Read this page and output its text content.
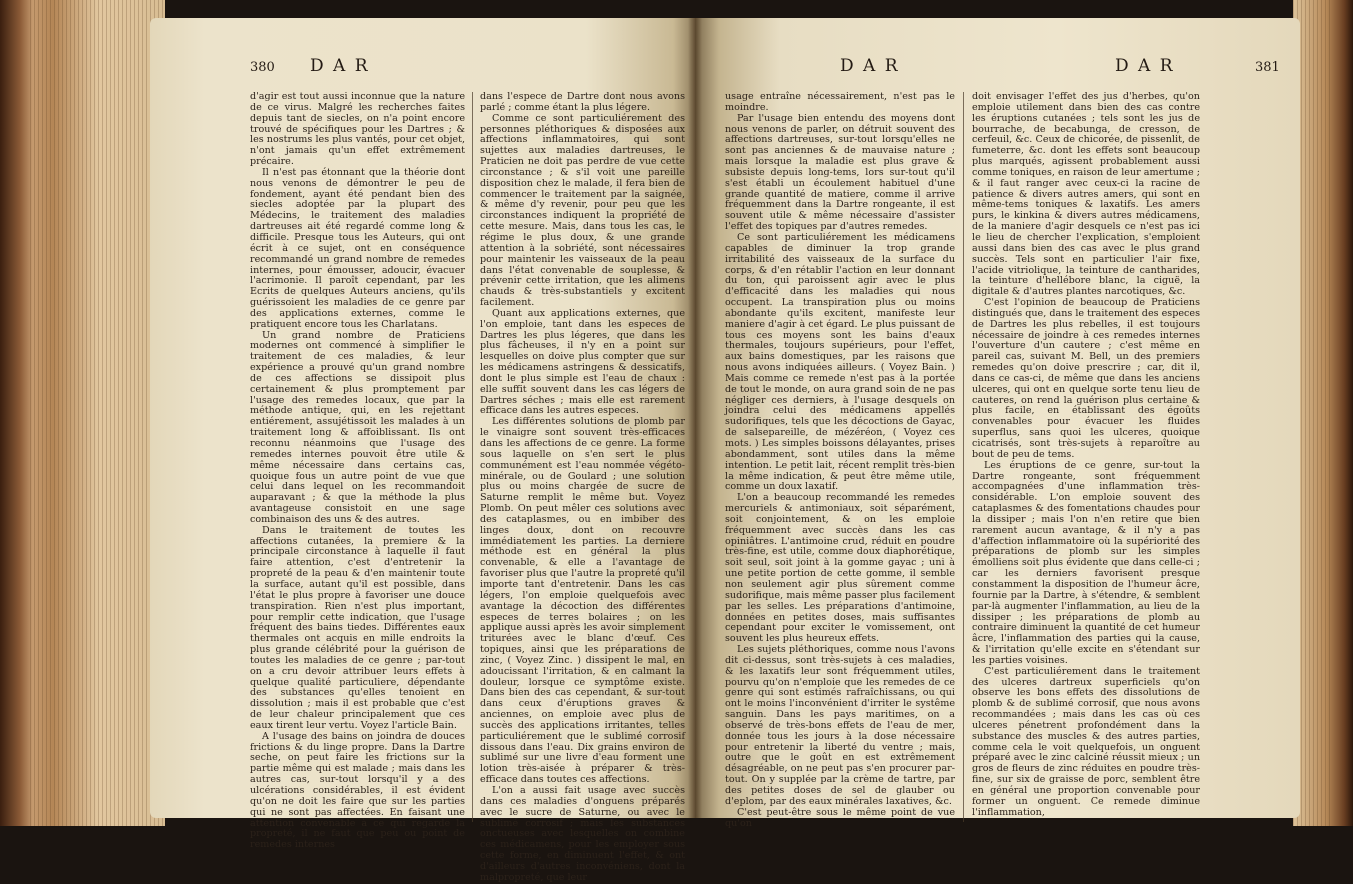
380 D A R

d'agir est tout aussi inconnue que la nature de ce virus. Malgré les recherches faites depuis tant de siecles, on n'a point encore trouvé de spécifiques pour les Dartres ; & les nostrums les plus vantés, pour cet objet, n'ont jamais qu'un effet extrêmement précaire.

Il n'est pas étonnant que la théorie dont nous venons de démontrer le peu de fondement, ayant été pendant bien des siecles adoptée par la plupart des Médecins, le traitement des maladies dartreuses ait été regardé comme long & difficile. Presque tous les Auteurs, qui ont écrit à ce sujet, ont en conséquence recommandé un grand nombre de remedes internes, pour émousser, adoucir, évacuer l'acrimonie. Il paroît cependant, par les Ecrits de quelques Auteurs anciens, qu'ils guérissoient les maladies de ce genre par des applications externes, comme le pratiquent encore tous les Charlatans.

Un grand nombre de Praticiens modernes ont commencé à simplifier le traitement de ces maladies, & leur expérience a prouvé qu'un grand nombre de ces affections se dissipoit plus certainement & plus promptement par l'usage des remedes locaux, que par la méthode antique, qui, en les rejettant entiérement, assujétissoit les malades à un traitement long & affoiblissant. Ils ont reconnu néanmoins que l'usage des remedes internes pouvoit être utile & même nécessaire dans certains cas, quoique fous un autre point de vue que celui dans lequel on les recommandoit auparavant ; & que la méthode la plus avantageuse consistoit en une sage combinaison des uns & des autres.

Dans le traitement de toutes les affections cutanées, la premiere & la principale circonstance à laquelle il faut faire attention, c'est d'entretenir la propreté de la peau & d'en maintenir toute la surface, autant qu'il est possible, dans l'état le plus propre à favoriser une douce transpiration. Rien n'est plus important, pour remplir cette indication, que l'usage fréquent des bains tiedes. Différentes eaux thermales ont acquis en mille endroits la plus grande célébrité pour la guérison de toutes les maladies de ce genre ; par-tout on a cru devoir attribuer leurs effets à quelque qualité particuliere, dépendante des substances qu'elles tenoient en dissolution ; mais il est probable que c'est de leur chaleur principalement que ces eaux tirent leur vertu. Voyez l'article Bain.

A l'usage des bains on joindra de douces frictions & du linge propre. Dans la Dartre seche, on peut faire les frictions sur la partie même qui est malade ; mais dans les autres cas, sur-tout lorsqu'il y a des ulcérations considérables, il est évident qu'on ne doit les faire que sur les parties qui ne sont pas affectées. En faisant une attention convenable à ce qui regarde la propreté, il ne faut que peu ou point de remedes internes

dans l'espece de Dartre dont nous avons parlé ; comme étant la plus légere.

Comme ce sont particuliérement des personnes pléthoriques & disposées aux affections inflammatoires, qui sont sujettes aux maladies dartreuses, le Praticien ne doit pas perdre de vue cette circonstance ; & s'il voit une pareille disposition chez le malade, il fera bien de commencer le traitement par la saignée, & même d'y revenir, pour peu que les circonstances indiquent la propriété de cette mesure. Mais, dans tous les cas, le régime le plus doux, & une grande attention à la sobriété, sont nécessaires pour maintenir les vaisseaux de la peau dans l'état convenable de souplesse, & prévenir cette irritation, que les alimens chauds & très-substantiels y excitent facilement.

Quant aux applications externes, que l'on emploie, tant dans les especes de Dartres les plus légeres, que dans les plus fâcheuses, il n'y en a point sur lesquelles on doive plus compter que sur les médicamens astringens & dessicatifs, dont le plus simple est l'eau de chaux : elle suffit souvent dans les cas légers de Dartres séches ; mais elle est rarement efficace dans les autres especes.

Les différentes solutions de plomb par le vinaigre sont souvent très-efficaces dans les affections de ce genre. La forme sous laquelle on s'en sert le plus communément est l'eau nommée végéto-minérale, ou de Goulard ; une solution plus ou moins chargée de sucre de Saturne remplit le même but. Voyez Plomb. On peut mêler ces solutions avec des cataplasmes, ou en imbiber des linges doux, dont on recouvre immédiatement les parties. La derniere méthode est en général la plus convenable, & elle a l'avantage de favoriser plus que l'autre la propreté qu'il importe tant d'entretenir. Dans les cas légers, l'on emploie quelquefois avec avantage la décoction des différentes especes de terres bolaires ; on les applique aussi après les avoir simplement triturées avec le blanc d'œuf. Ces topiques, ainsi que les préparations de zinc, ( Voyez Zinc. ) dissipent le mal, en adoucissant l'irritation, & en calmant la douleur, lorsque ce symptôme existe. Dans bien des cas cependant, & sur-tout dans ceux d'éruptions graves & anciennes, on emploie avec plus de succès des applications irritantes, telles particuliérement que le sublimé corrosif dissous dans l'eau. Dix grains environ de sublimé sur une livre d'eau forment une lotion très-aisée à préparer & très-efficace dans toutes ces affections.

L'on a aussi fait usage avec succès dans ces maladies d'onguens préparés avec le sucre de Saturne, ou avec le sublimé corrosif ; mais les substances onctueuses avec lesquelles on combine ces médicamens, pour les employer sous cette forme, en diminuent l'effet, & ont d'ailleurs d'autres inconvéniens, dont la malpropreté, que leur

D A R	D A R	381

usage entraîne nécessairement, n'est pas le moindre.

Par l'usage bien entendu des moyens dont nous venons de parler, on détruit souvent des affections dartreuses, sur-tout lorsqu'elles ne sont pas anciennes & de mauvaise nature ; mais lorsque la maladie est plus grave & subsiste depuis long-tems, lors sur-tout qu'il s'est établi un écoulement habituel d'une grande quantité de matiere, comme il arrive fréquemment dans la Dartre rongeante, il est souvent utile & même nécessaire d'assister l'effet des topiques par d'autres remedes.

Ce sont particuliérement les médicamens capables de diminuer la trop grande irritabilité des vaisseaux de la surface du corps, & d'en rétablir l'action en leur donnant du ton, qui paroissent agir avec le plus d'efficacité dans les maladies qui nous occupent. La transpiration plus ou moins abondante qu'ils excitent, manifeste leur maniere d'agir à cet égard. Le plus puissant de tous ces moyens sont les bains d'eaux thermales, toujours supérieurs, pour l'effet, aux bains domestiques, par les raisons que nous avons indiquées ailleurs. ( Voyez Bain. ) Mais comme ce remede n'est pas à la portée de tout le monde, on aura grand soin de ne pas négliger ces derniers, à l'usage desquels on joindra celui des médicamens appellés sudorifiques, tels que les décoctions de Gayac, de salsepareille, de mézéréon, ( Voyez ces mots. ) Les simples boissons délayantes, prises abondamment, sont utiles dans la même intention. Le petit lait, récent remplit très-bien la même indication, & peut être même utile, comme un doux laxatif.

L'on a beaucoup recommandé les remedes mercuriels & antimoniaux, soit séparément, soit conjointement, & on les emploie fréquemment avec succès dans les cas opiniâtres. L'antimoine crud, réduit en poudre très-fine, est utile, comme doux diaphorétique, soit seul, soit joint à la gomme gayac ; uni à une petite portion de cette gomme, il semble non seulement agir plus sûrement comme sudorifique, mais même passer plus facilement par les selles. Les préparations d'antimoine, données en petites doses, mais suffisantes cependant pour exciter le vomissement, ont souvent les plus heureux effets.

Les sujets pléthoriques, comme nous l'avons dit ci-dessus, sont très-sujets à ces maladies, & les laxatifs leur sont fréquemment utiles, pourvu qu'on n'emploie que les remedes de ce genre qui sont estimés rafraîchissans, ou qui ont le moins l'inconvénient d'irriter le systême sanguin. Dans les pays maritimes, on a observé de très-bons effets de l'eau de mer, donnée tous les jours à la dose nécessaire pour entretenir la liberté du ventre ; mais, outre que le goût en est extrêmement désagréable, on ne peut pas s'en procurer par-tout. On y supplée par la crème de tartre, par des petites doses de sel de glauber ou d'eplom, par des eaux minérales laxatives, &c.

C'est peut-être sous le même point de vue qu'on

doit envisager l'effet des jus d'herbes, qu'on emploie utilement dans bien des cas contre les éruptions cutanées ; tels sont les jus de bourrache, de becabunga, de cresson, de cerfeuil, &c. Ceux de chicorée, de pissenlit, de fumeterre, &c. dont les effets sont beaucoup plus marqués, agissent probablement aussi comme toniques, en raison de leur amertume ; & il faut ranger avec ceux-ci la racine de patience & divers autres amers, qui sont en même-tems toniques & laxatifs. Les amers purs, le kinkina & divers autres médicamens, de la maniere d'agir desquels ce n'est pas ici le lieu de chercher l'explication, s'emploient aussi dans bien des cas avec le plus grand succès. Tels sont en particulier l'air fixe, l'acide vitriolique, la teinture de cantharides, la teinture d'hellébore blanc, la ciguë, la digitale & d'autres plantes narcotiques, &c.

C'est l'opinion de beaucoup de Praticiens distingués que, dans le traitement des especes de Dartres les plus rebelles, il est toujours nécessaire de joindre à ces remedes internes l'ouverture d'un cautere ; c'est même en pareil cas, suivant M. Bell, un des premiers remedes qu'on doive prescrire ; car, dit il, dans ce cas-ci, de même que dans les anciens ulceres, qui ont en quelque sorte tenu lieu de cauteres, on rend la guérison plus certaine & plus facile, en établissant des égoûts convenables pour évacuer les fluides superflus, sans quoi les ulceres, quoique cicatrisés, sont très-sujets à reparoître au bout de peu de tems.

Les éruptions de ce genre, sur-tout la Dartre rongeante, sont fréquemment accompagnées d'une inflammation très-considérable. L'on emploie souvent des cataplasmes & des fomentations chaudes pour la dissiper ; mais l'on n'en retire que bien rarement aucun avantage, & il n'y a pas d'affection inflammatoire où la supériorité des préparations de plomb sur les simples émolliens soit plus évidente que dans celle-ci ; car les derniers favorisent presque constamment la disposition de l'humeur âcre, fournie par la Dartre, à s'étendre, & semblent par-là augmenter l'inflammation, au lieu de la dissiper ; les préparations de plomb au contraire diminuent la quantité de cet humeur âcre, l'inflammation des parties qui la cause, & l'irritation qu'elle excite en s'étendant sur les parties voisines.

C'est particuliérement dans le traitement des ulceres dartreux superficiels qu'on observe les bons effets des dissolutions de plomb & de sublimé corrosif, que nous avons recommandées ; mais dans les cas où ces ulceres pénetrent profondément dans la substance des muscles & des autres parties, comme cela le voit quelquefois, un onguent préparé avec le zinc calciné réussit mieux ; un gros de fleurs de zinc réduites en poudre très-fine, sur six de graisse de porc, semblent être en général une proportion convenable pour former un onguent. Ce remede diminue l'inflammation,
